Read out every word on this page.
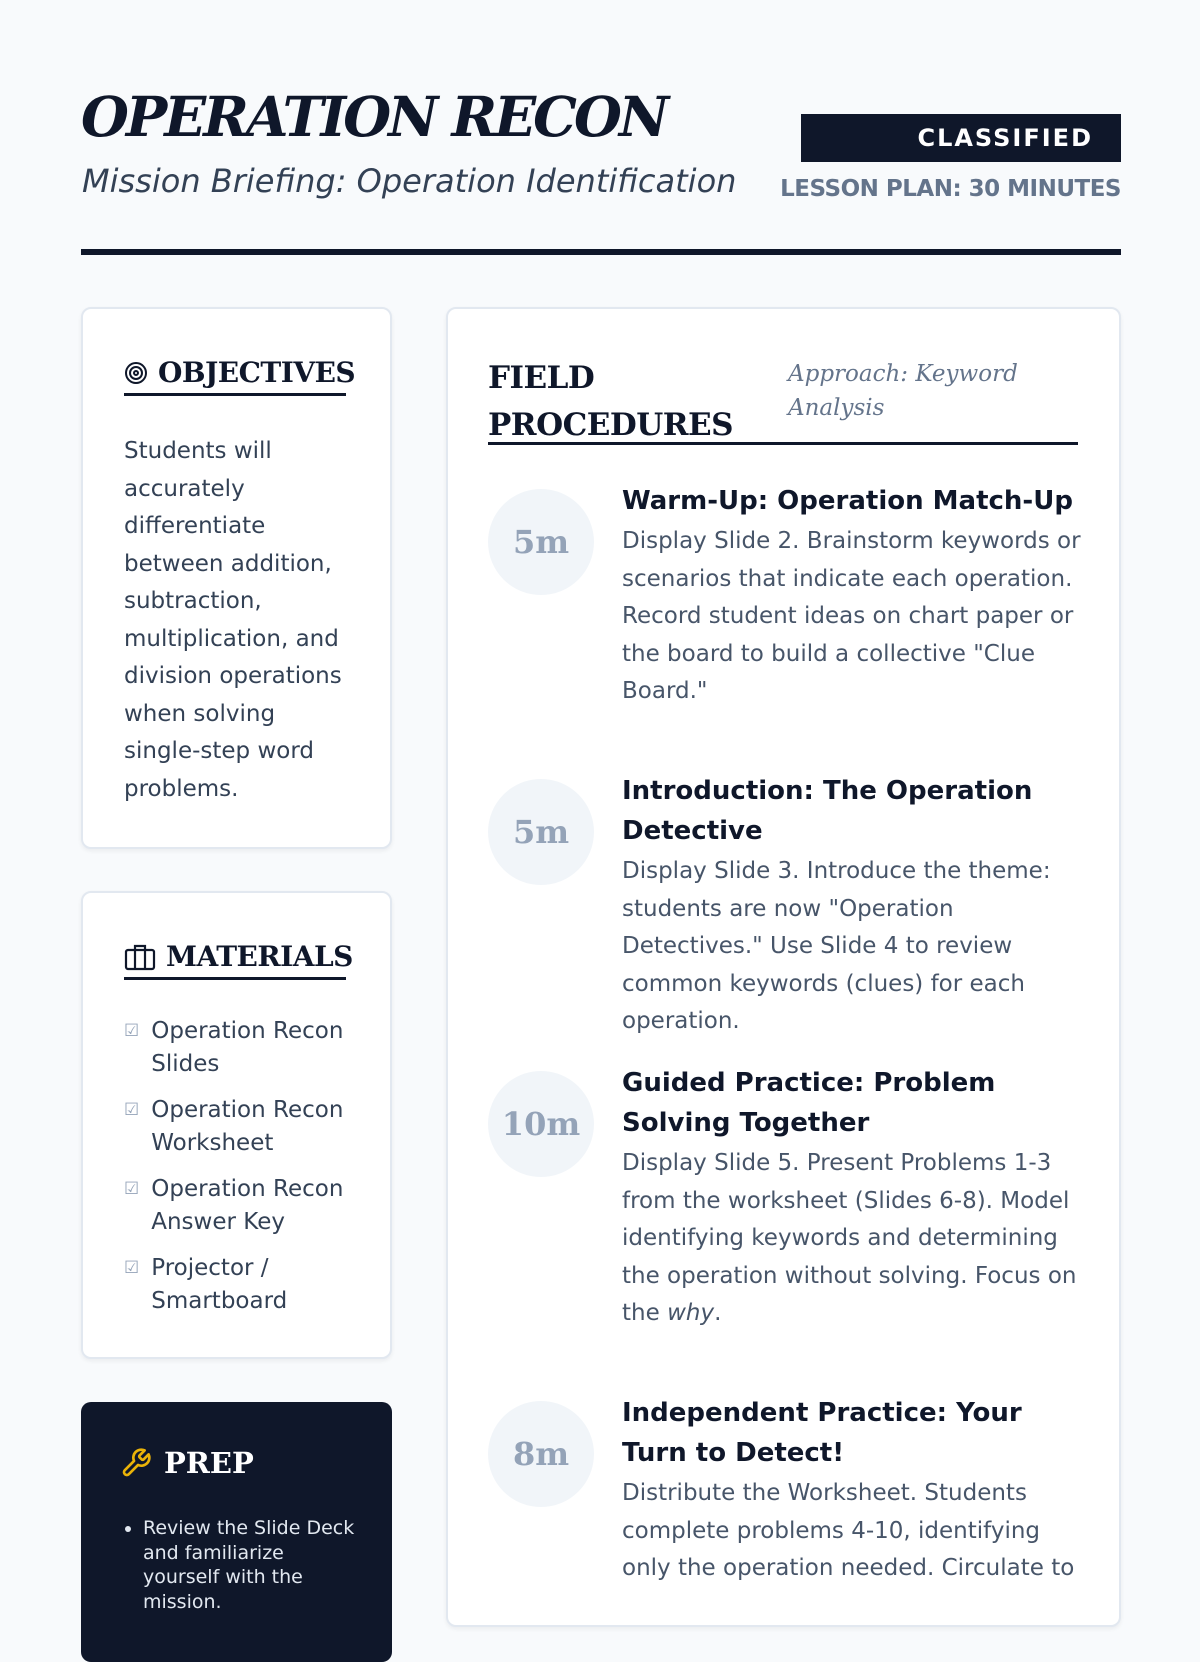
OPERATION RECON
Mission Briefing: Operation Identification
CLASSIFIED
LESSON PLAN: 30 MINUTES
OBJECTIVES

Students will accurately differentiate between addition, subtraction, multiplication, and division operations when solving single-step word problems.

MATERIALS
☑ Operation Recon Slides
☑ Operation Recon Worksheet
☑ Operation Recon Answer Key
☑ Projector / Smartboard
PREP
• Review the Slide Deck and familiarize yourself with the mission.
FIELD PROCEDURES
Approach: Keyword Analysis
5m
Warm-Up: Operation Match-Up
Display Slide 2. Brainstorm keywords or scenarios that indicate each operation. Record student ideas on chart paper or the board to build a collective "Clue Board."
5m
Introduction: The Operation Detective
Display Slide 3. Introduce the theme: students are now "Operation Detectives." Use Slide 4 to review common keywords (clues) for each operation.
10m
Guided Practice: Problem Solving Together
Display Slide 5. Present Problems 1-3 from the worksheet (Slides 6-8). Model identifying keywords and determining the operation without solving. Focus on the why.
8m
Independent Practice: Your Turn to Detect!
Distribute the Worksheet. Students complete problems 4-10, identifying only the operation needed. Circulate to
